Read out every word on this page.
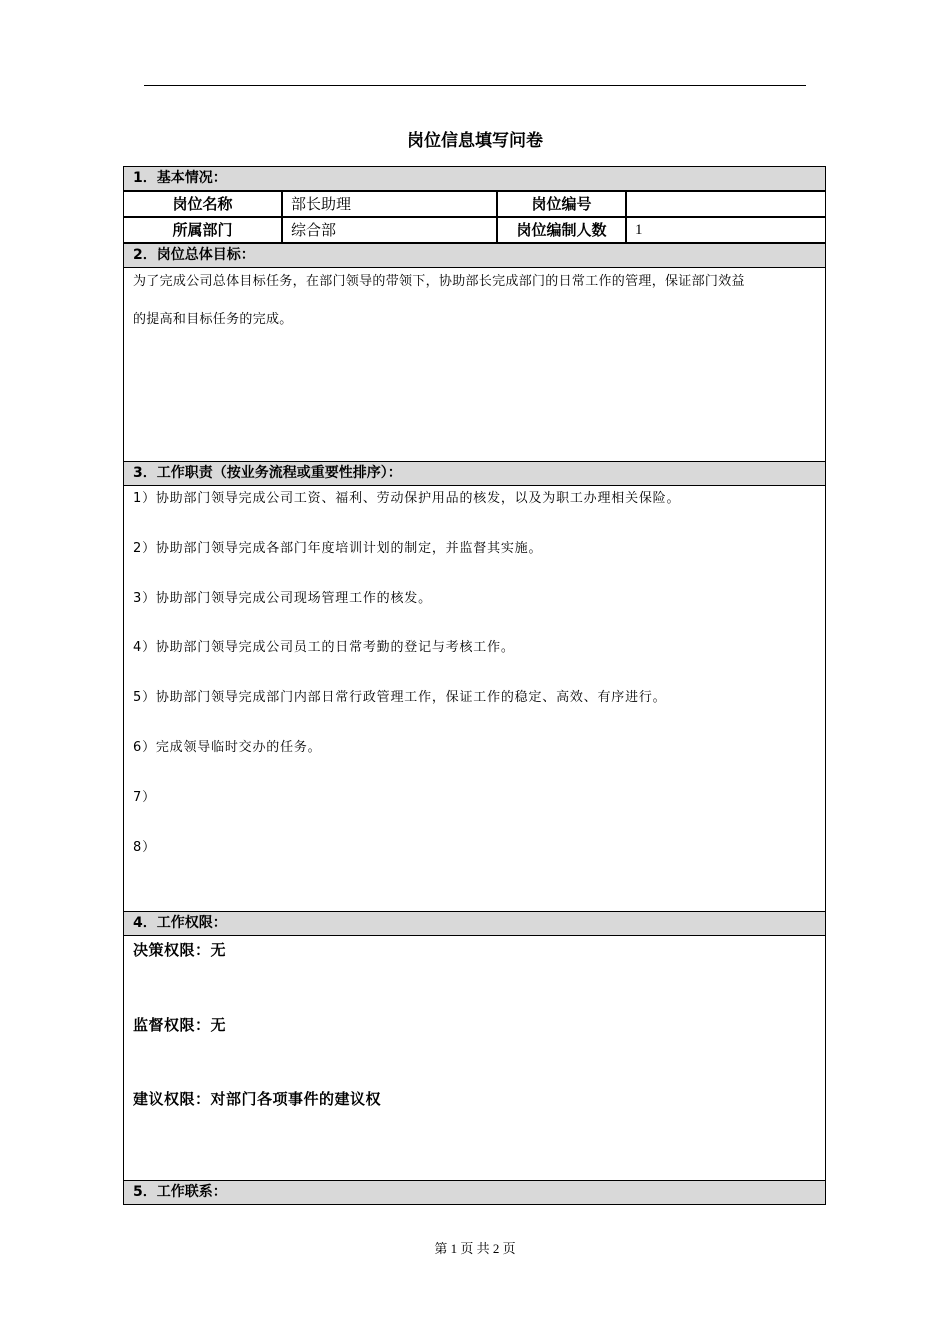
岗位信息填写问卷
1．基本情况：
岗位名称	部长助理	岗位编号
所属部门	综合部	岗位编制人数	1
2．岗位总体目标：
为了完成公司总体目标任务，在部门领导的带领下，协助部长完成部门的日常工作的管理，保证部门效益
的提高和目标任务的完成。
3．工作职责（按业务流程或重要性排序）：
1）协助部门领导完成公司工资、福利、劳动保护用品的核发，以及为职工办理相关保险。
2）协助部门领导完成各部门年度培训计划的制定，并监督其实施。
3）协助部门领导完成公司现场管理工作的核发。
4）协助部门领导完成公司员工的日常考勤的登记与考核工作。
5）协助部门领导完成部门内部日常行政管理工作，保证工作的稳定、高效、有序进行。
6）完成领导临时交办的任务。
7）
8）
4．工作权限：
决策权限：无
监督权限：无
建议权限：对部门各项事件的建议权
5．工作联系：
第 1 页 共 2 页
